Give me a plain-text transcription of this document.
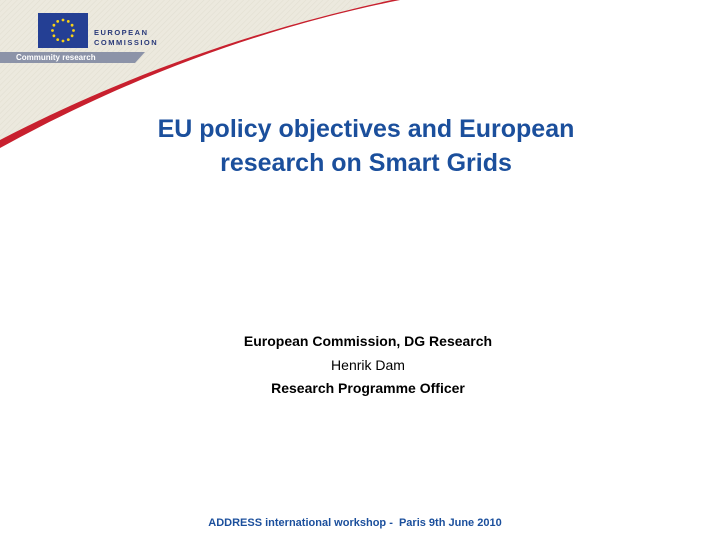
EUROPEAN
COMMISSION
Community research
EU policy objectives and European
research on Smart Grids
European Commission, DG Research
Henrik Dam
Research Programme Officer
ADDRESS international workshop -  Paris 9th June 2010
